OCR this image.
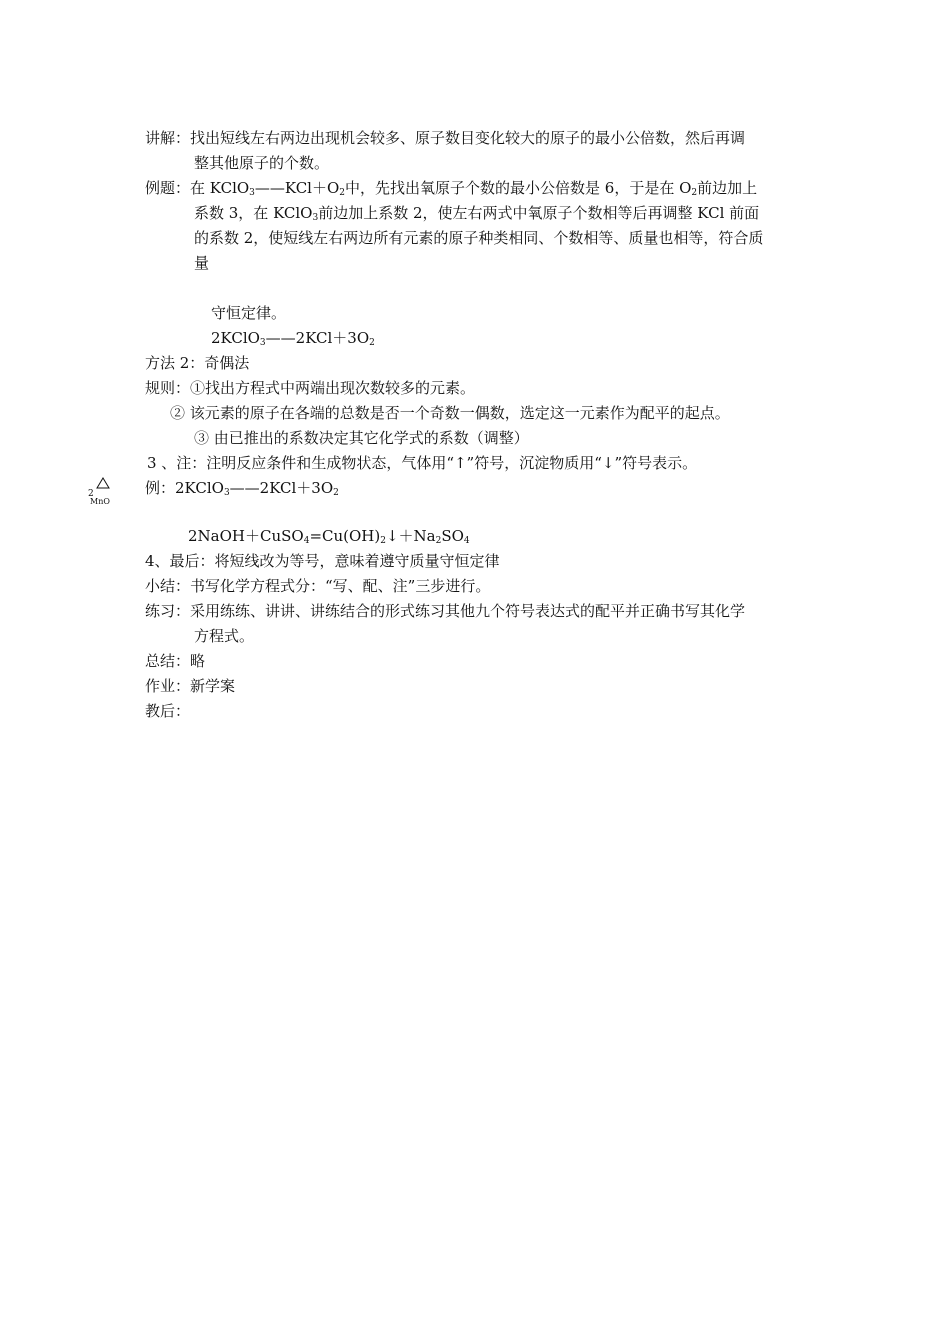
讲解：找出短线左右两边出现机会较多、原子数目变化较大的原子的最小公倍数，然后再调
整其他原子的个数。
例题：在 $KClO_3——KCl+O_2$中，先找出氧原子个数的最小公倍数是 6，于是在 $O_2$前边加上
系数 3，在 KClO$_3$前边加上系数 2，使左右两式中氧原子个数相等后再调整 KCl 前面
的系数 2，使短线左右两边所有元素的原子种类相同、个数相等、质量也相等，符合质
量
守恒定律。
$2KClO_3——2KCl+3O_2$
方法 2：奇偶法
规则：①找出方程式中两端出现次数较多的元素。
② 该元素的原子在各端的总数是否一个奇数一偶数，选定这一元素作为配平的起点。
③ 由已推出的系数决定其它化学式的系数（调整）
3 、注：注明反应条件和生成物状态，气体用“↑”符号，沉淀物质用“↓”符号表示。
MnO
$_2$	例：$2KClO_3——2KCl+3O_2$
$2NaOH+CuSO_4=Cu(OH)_2↓+Na_2SO_4$
4、最后：将短线改为等号，意味着遵守质量守恒定律
小结：书写化学方程式分：“写、配、注”三步进行。
练习：采用练练、讲讲、讲练结合的形式练习其他九个符号表达式的配平并正确书写其化学
方程式。
总结：略
作业：新学案
教后：
